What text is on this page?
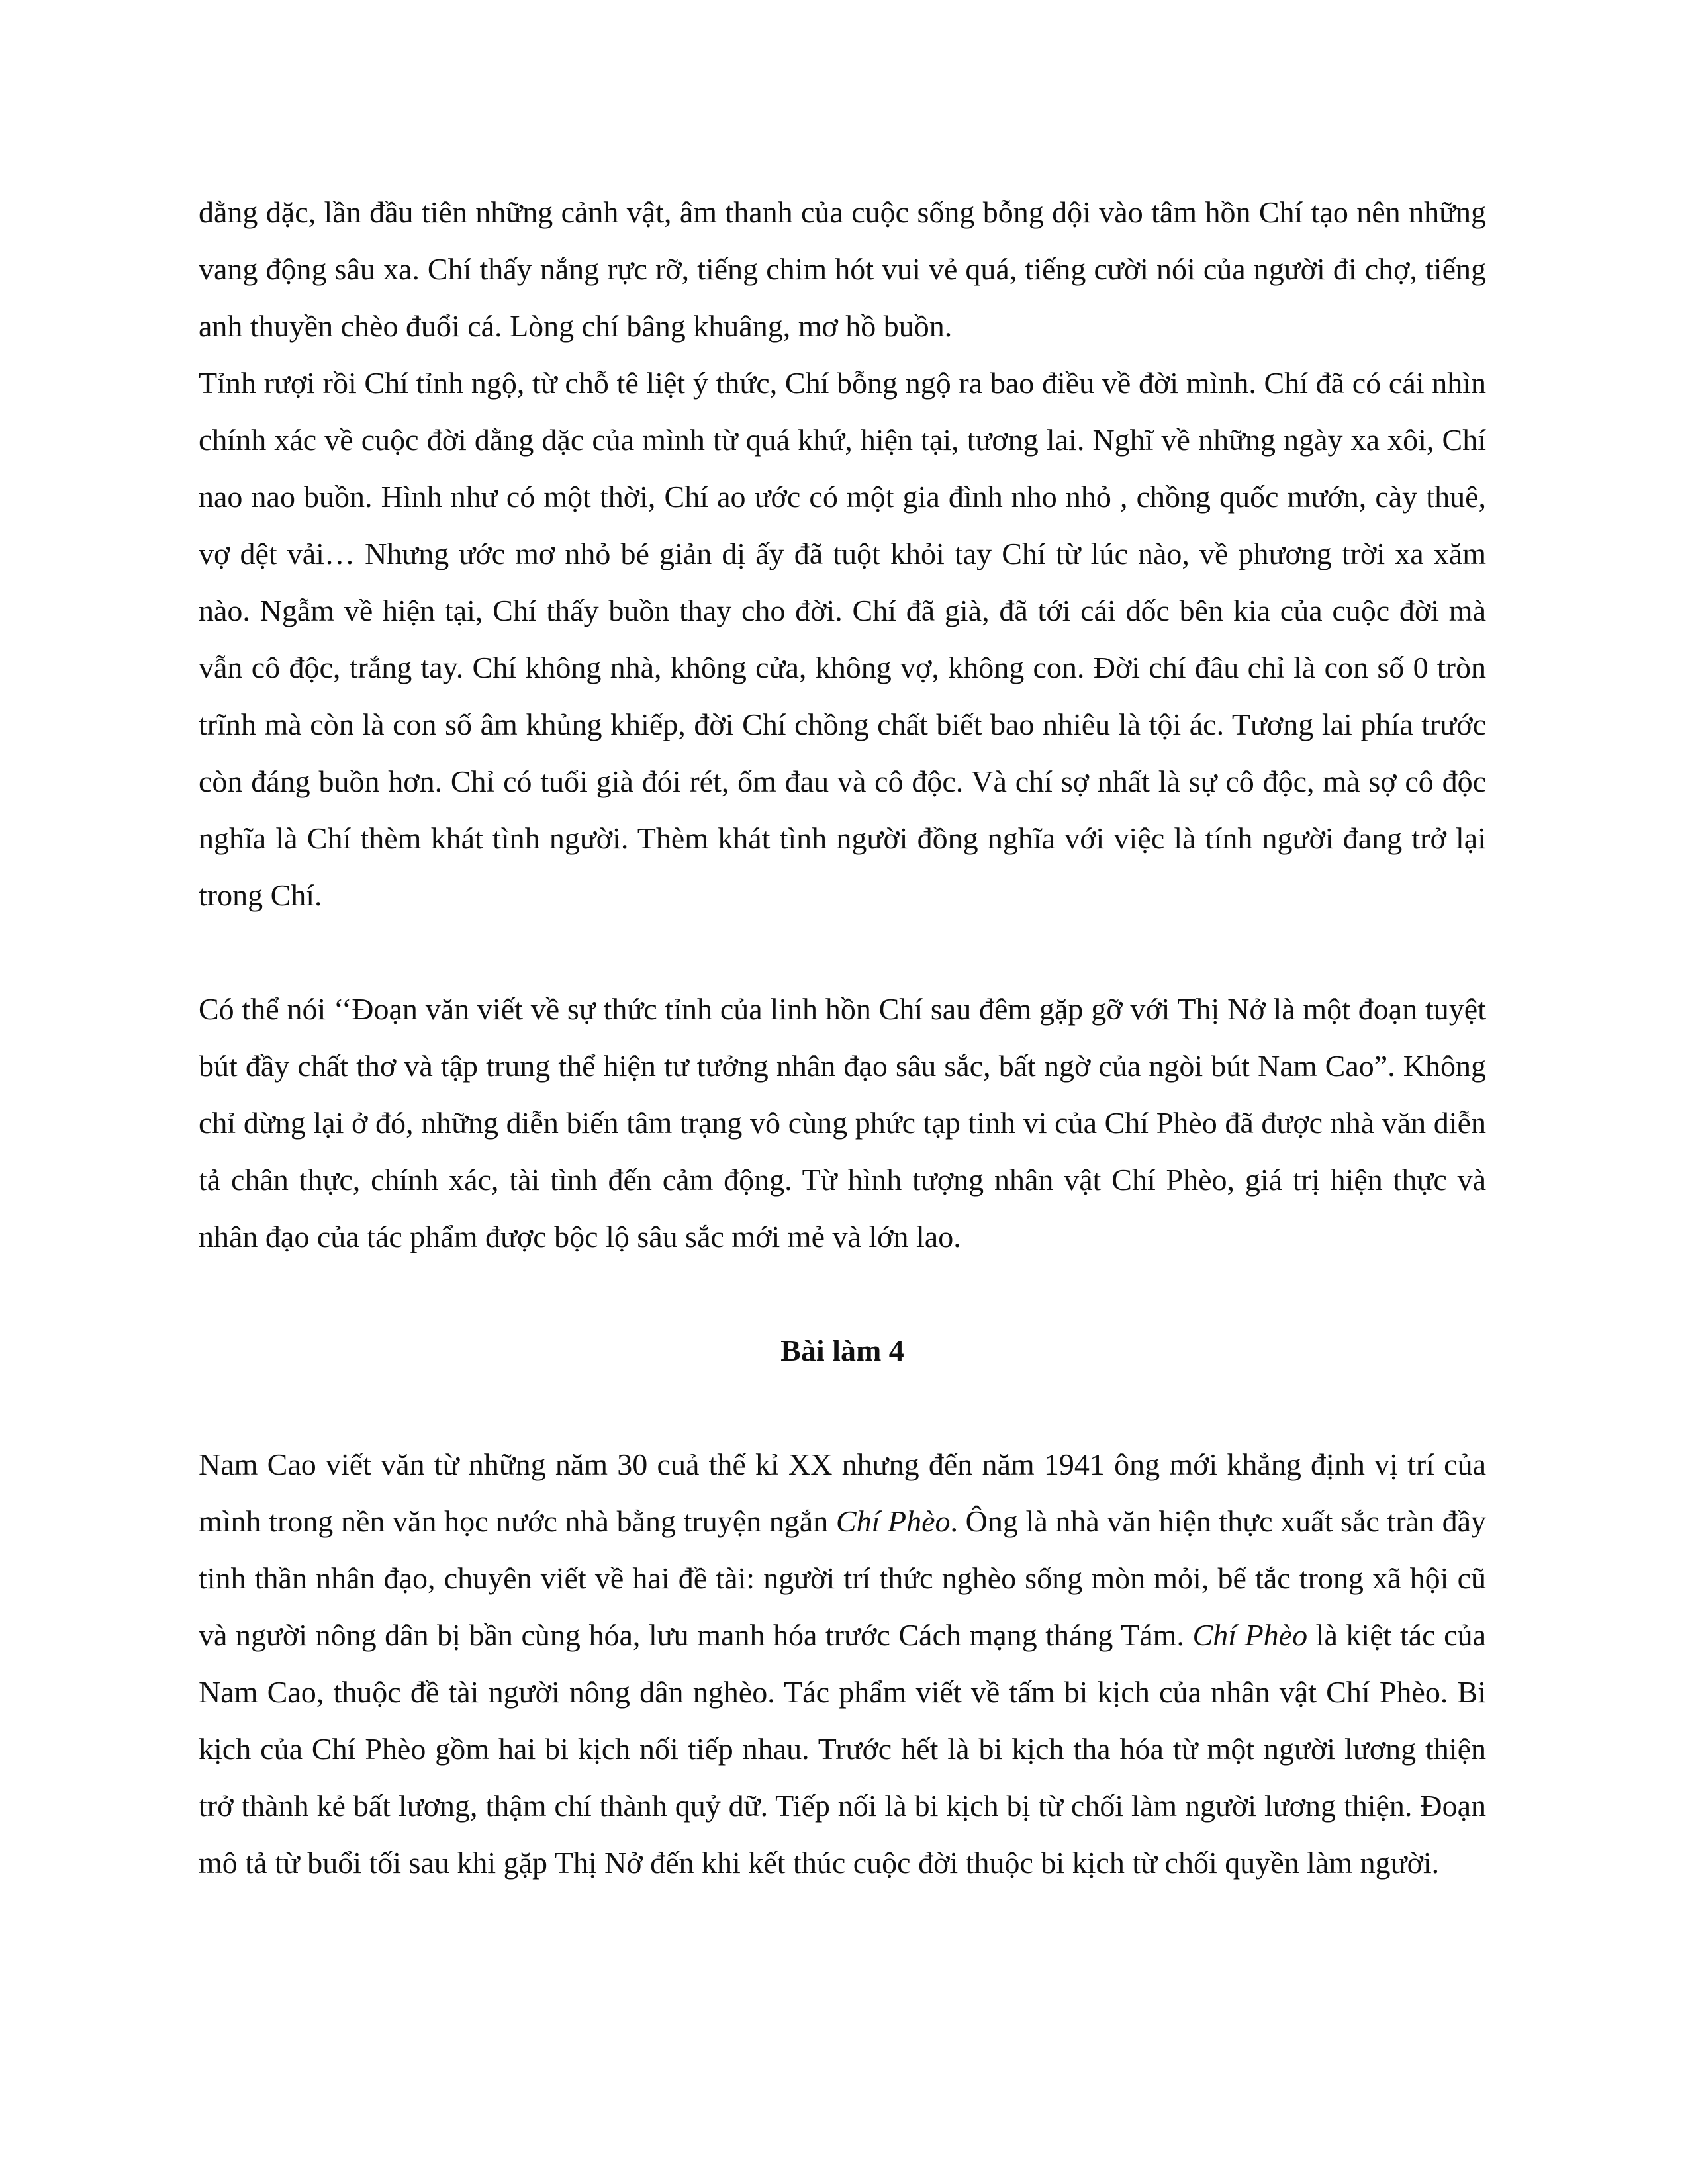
dằng dặc, lần đầu tiên những cảnh vật, âm thanh của cuộc sống bỗng dội vào tâm hồn Chí tạo nên những vang động sâu xa. Chí thấy nắng rực rỡ, tiếng chim hót vui vẻ quá, tiếng cười nói của người đi chợ, tiếng anh thuyền chèo đuổi cá. Lòng chí bâng khuâng, mơ hồ buồn.

Tỉnh rượi rồi Chí tỉnh ngộ, từ chỗ tê liệt ý thức, Chí bỗng ngộ ra bao điều về đời mình. Chí đã có cái nhìn chính xác về cuộc đời dằng dặc của mình từ quá khứ, hiện tại, tương lai. Nghĩ về những ngày xa xôi, Chí nao nao buồn. Hình như có một thời, Chí ao ước có một gia đình nho nhỏ , chồng quốc mướn, cày thuê, vợ dệt vải… Nhưng ước mơ nhỏ bé giản dị ấy đã tuột khỏi tay Chí từ lúc nào, về phương trời xa xăm nào. Ngẫm về hiện tại, Chí thấy buồn thay cho đời. Chí đã già, đã tới cái dốc bên kia của cuộc đời mà vẫn cô độc, trắng tay. Chí không nhà, không cửa, không vợ, không con. Đời chí đâu chỉ là con số 0 tròn trĩnh mà còn là con số âm khủng khiếp, đời Chí chồng chất biết bao nhiêu là tội ác. Tương lai phía trước còn đáng buồn hơn. Chỉ có tuổi già đói rét, ốm đau và cô độc. Và chí sợ nhất là sự cô độc, mà sợ cô độc nghĩa là Chí thèm khát tình người. Thèm khát tình người đồng nghĩa với việc là tính người đang trở lại trong Chí.

Có thể nói ‘‘Đoạn văn viết về sự thức tỉnh của linh hồn Chí sau đêm gặp gỡ với Thị Nở là một đoạn tuyệt bút đầy chất thơ và tập trung thể hiện tư tưởng nhân đạo sâu sắc, bất ngờ của ngòi bút Nam Cao”. Không chỉ dừng lại ở đó, những diễn biến tâm trạng vô cùng phức tạp tinh vi của Chí Phèo đã được nhà văn diễn tả chân thực, chính xác, tài tình đến cảm động. Từ hình tượng nhân vật Chí Phèo, giá trị hiện thực và nhân đạo của tác phẩm được bộc lộ sâu sắc mới mẻ và lớn lao.

Bài làm 4

Nam Cao viết văn từ những năm 30 cuả thế kỉ XX nhưng đến năm 1941 ông mới khẳng định vị trí của mình trong nền văn học nước nhà bằng truyện ngắn Chí Phèo. Ông là nhà văn hiện thực xuất sắc tràn đầy tinh thần nhân đạo, chuyên viết về hai đề tài: người trí thức nghèo sống mòn mỏi, bế tắc trong xã hội cũ và người nông dân bị bần cùng hóa, lưu manh hóa trước Cách mạng tháng Tám. Chí Phèo là kiệt tác của Nam Cao, thuộc đề tài người nông dân nghèo. Tác phẩm viết về tấm bi kịch của nhân vật Chí Phèo. Bi kịch của Chí Phèo gồm hai bi kịch nối tiếp nhau. Trước hết là bi kịch tha hóa từ một người lương thiện trở thành kẻ bất lương, thậm chí thành quỷ dữ. Tiếp nối là bi kịch bị từ chối làm người lương thiện. Đoạn mô tả từ buổi tối sau khi gặp Thị Nở đến khi kết thúc cuộc đời thuộc bi kịch từ chối quyền làm người.
